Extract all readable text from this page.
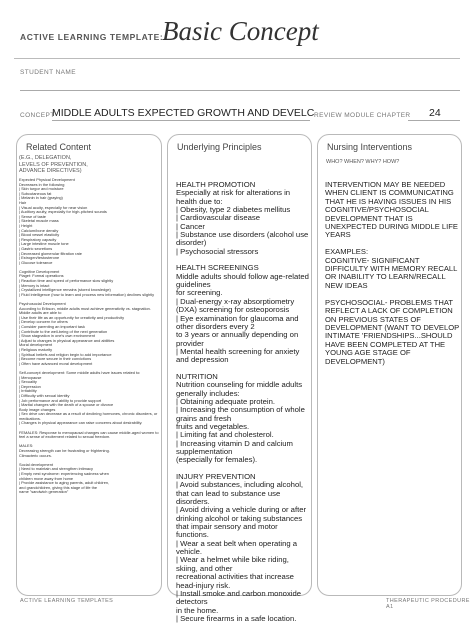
ACTIVE LEARNING TEMPLATE:
Basic Concept
STUDENT NAME
CONCEPT
MIDDLE ADULTS EXPECTED GROWTH AND DEVELC REVIEW MODULE CHAPTER 24
Related Content	Underlying Principles	Nursing Interventions
WHO? WHEN? WHY? HOW?
(E.G., DELEGATION,
LEVELS OF PREVENTION,
ADVANCE DIRECTIVES)
Expected Physical Development
Decreases in the following
| Skin turgor and moisture
| Subcutaneous fat
| Melanin in hair (graying)
Hair
| Visual acuity, especially for near vision
| Auditory acuity, especially for high-pitched sounds
| Sense of taste
| Skeletal muscle mass
| Height
| Calcium/bone density
| Blood vessel elasticity
| Respiratory capacity
| Large intestine muscle tone
| Gastric secretions
| Decreased glomerular filtration rate
| Estrogen/testosterone
| Glucose tolerance

Cognitive Development
Piaget: Formal operations
| Reaction time and speed of performance slow slightly
| Memory is intact
| Crystallized intelligence remains (stored knowledge)
| Fluid intelligence (how to learn and process new information) declines slightly

Psychosocial Development
According to Erikson, middle adults must achieve generativity vs. stagnation.
Middle adults are able to
| Use their life as an opportunity for creativity and productivity
| Develop concern for others
| Consider parenting an important task
| Contribute to the well-being of the next generation
| Show stagnation in one's own environment
| Adjust to changes in physical appearance and abilities
Moral development
| Religious maturity
| Spiritual beliefs and religion begin to add importance
| Become more secure in their convictions
| Often have advanced moral development

Self-concept development: Some middle adults have issues related to:
| Menopause
| Sexuality
| Depression
| Irritability
| Difficulty with sexual identity
| Job performance and ability to provide support
| Marital changes with the death of a spouse or divorce
Body image changes
| Sex drive can decrease as a result of declining hormones, chronic disorders, or medications.
| Changes in physical appearance can raise concerns about desirability.

FEMALES: Response to menopausal changes can cause middle-aged women to feel a sense of excitement related to sexual freedom.

MALES:
Decreasing strength can be frustrating or frightening.
Climacteric occurs.

Social development
| Need to maintain and strengthen intimacy
| Empty nest syndrome: experiencing sadness when
children move away from home
| Provide assistance to aging parents, adult children,
and grandchildren, giving this stage of life the
name "sandwich generation"
HEALTH PROMOTION
Especially at risk for alterations in health due to:
| Obesity, type 2 diabetes mellitus
| Cardiovascular disease
| Cancer
| Substance use disorders (alcohol use disorder)
| Psychosocial stressors

HEALTH SCREENINGS
Middle adults should follow age-related guidelines
for screening.
| Dual-energy x-ray absorptiometry (DXA) screening for osteoporosis
| Eye examination for glaucoma and other disorders every 2
to 3 years or annually depending on provider
| Mental health screening for anxiety and depression

NUTRITION
Nutrition counseling for middle adults generally includes:
| Obtaining adequate protein.
| Increasing the consumption of whole grains and fresh
fruits and vegetables.
| Limiting fat and cholesterol.
| Increasing vitamin D and calcium supplementation
(especially for females).

INJURY PREVENTION
| Avoid substances, including alcohol, that can lead to substance use disorders.
| Avoid driving a vehicle during or after drinking alcohol or taking substances that impair sensory and motor functions.
| Wear a seat belt when operating a vehicle.
| Wear a helmet while bike riding, skiing, and other
recreational activities that increase head-injury risk.
| Install smoke and carbon monoxide detectors
in the home.
| Secure firearms in a safe location.
INTERVENTION MAY BE NEEDED WHEN CLIENT IS COMMUNICATING THAT HE IS HAVING ISSUES IN HIS COGNITIVE/PSYCHOSOCIAL DEVELOPMENT THAT IS UNEXPECTED DURING MIDDLE LIFE YEARS

EXAMPLES:
COGNITIVE- SIGNIFICANT DIFFICULTY WITH MEMORY RECALL OR INABILITY TO LEARN/RECALL NEW IDEAS

PSYCHOSOCIAL- PROBLEMS THAT REFLECT A LACK OF COMPLETION ON PREVIOUS STATES OF DEVELOPMENT (WANT TO DEVELOP INTIMATE 'FRIENDSHIPS...SHOULD HAVE BEEN COMPLETED AT THE YOUNG AGE STAGE OF DEVELOPMENT)
ACTIVE LEARNING TEMPLATES	THERAPEUTIC PROCEDURE A1
